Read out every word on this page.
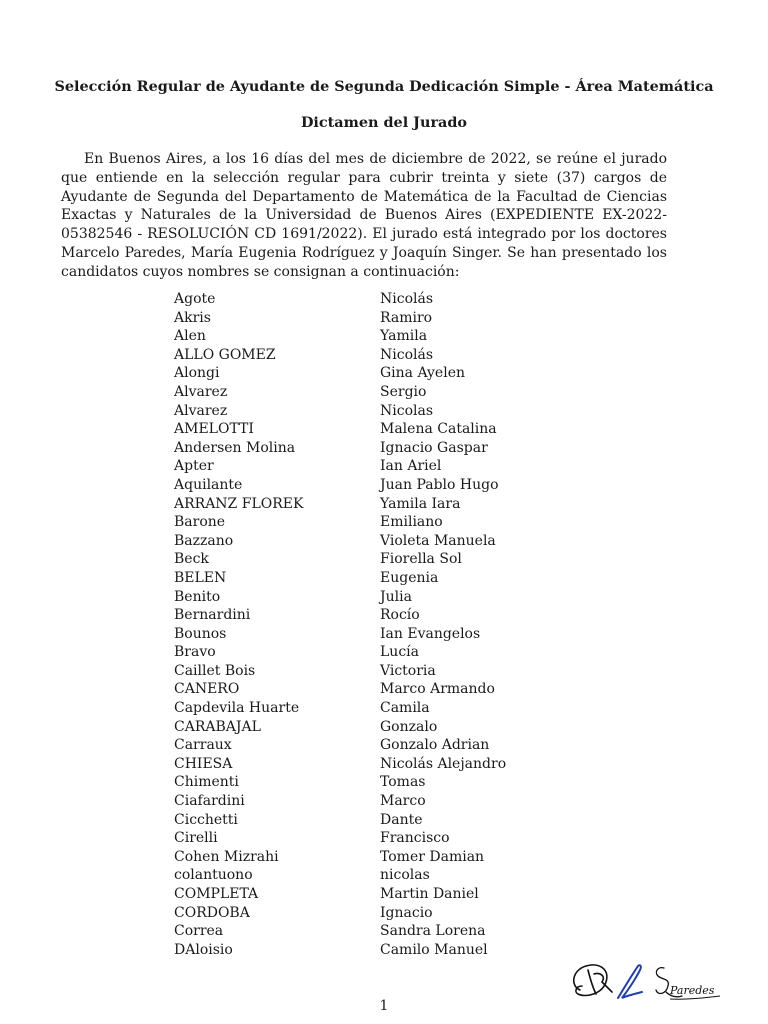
Selección Regular de Ayudante de Segunda Dedicación Simple - Área Matemática
Dictamen del Jurado

En Buenos Aires, a los 16 días del mes de diciembre de 2022, se reúne el jurado que entiende en la selección regular para cubrir treinta y siete (37) cargos de Ayudante de Segunda del Departamento de Matemática de la Facultad de Ciencias Exactas y Naturales de la Universidad de Buenos Aires (EXPEDIENTE EX-2022-05382546 - RESOLUCIÓN CD 1691/2022). El jurado está integrado por los doctores Marcelo Paredes, María Eugenia Rodríguez y Joaquín Singer. Se han presentado los candidatos cuyos nombres se consignan a continuación:

Agote	Nicolás
Akris	Ramiro
Alen	Yamila
ALLO GOMEZ	Nicolás
Alongi	Gina Ayelen
Alvarez	Sergio
Alvarez	Nicolas
AMELOTTI	Malena Catalina
Andersen Molina	Ignacio Gaspar
Apter	Ian Ariel
Aquilante	Juan Pablo Hugo
ARRANZ FLOREK	Yamila Iara
Barone	Emiliano
Bazzano	Violeta Manuela
Beck	Fiorella Sol
BELEN	Eugenia
Benito	Julia
Bernardini	Rocío
Bounos	Ian Evangelos
Bravo	Lucía
Caillet Bois	Victoria
CANERO	Marco Armando
Capdevila Huarte	Camila
CARABAJAL	Gonzalo
Carraux	Gonzalo Adrian
CHIESA	Nicolás Alejandro
Chimenti	Tomas
Ciafardini	Marco
Cicchetti	Dante
Cirelli	Francisco
Cohen Mizrahi	Tomer Damian
colantuono	nicolas
COMPLETA	Martin Daniel
CORDOBA	Ignacio
Correa	Sandra Lorena
DAloisio	Camilo Manuel
Paredes
1
